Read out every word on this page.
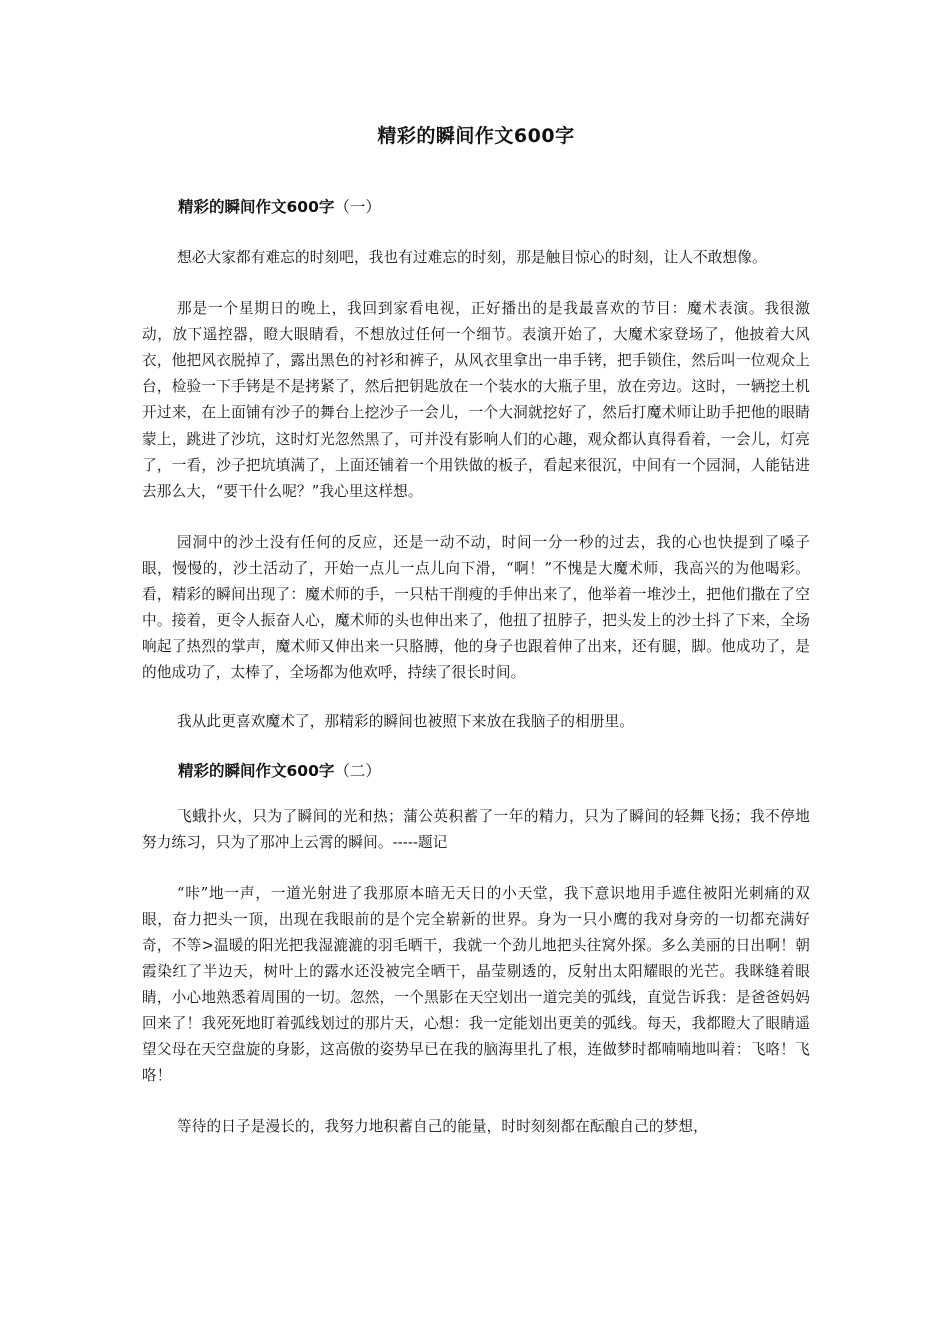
精彩的瞬间作文600字
精彩的瞬间作文600字（一）

想必大家都有难忘的时刻吧，我也有过难忘的时刻，那是触目惊心的时刻，让人不敢想像。

那是一个星期日的晚上，我回到家看电视，正好播出的是我最喜欢的节目：魔术表演。我很激动，放下遥控器，瞪大眼睛看，不想放过任何一个细节。表演开始了，大魔术家登场了，他披着大风衣，他把风衣脱掉了，露出黑色的衬衫和裤子，从风衣里拿出一串手铐，把手锁住，然后叫一位观众上台，检验一下手铐是不是拷紧了，然后把钥匙放在一个装水的大瓶子里，放在旁边。这时，一辆挖土机开过来，在上面铺有沙子的舞台上挖沙子一会儿，一个大洞就挖好了，然后打魔术师让助手把他的眼睛蒙上，跳进了沙坑，这时灯光忽然黑了，可并没有影响人们的心趣，观众都认真得看着，一会儿，灯亮了，一看，沙子把坑填满了，上面还铺着一个用铁做的板子，看起来很沉，中间有一个园洞，人能钻进去那么大，“要干什么呢？”我心里这样想。

园洞中的沙土没有任何的反应，还是一动不动，时间一分一秒的过去，我的心也快提到了嗓子眼，慢慢的，沙土活动了，开始一点儿一点儿向下滑，“啊！”不愧是大魔术师，我高兴的为他喝彩。看，精彩的瞬间出现了：魔术师的手，一只枯干削瘦的手伸出来了，他举着一堆沙土，把他们撒在了空中。接着，更令人振奋人心，魔术师的头也伸出来了，他扭了扭脖子，把头发上的沙土抖了下来，全场响起了热烈的掌声，魔术师又伸出来一只胳膊，他的身子也跟着伸了出来，还有腿，脚。他成功了，是的他成功了，太棒了，全场都为他欢呼，持续了很长时间。

我从此更喜欢魔术了，那精彩的瞬间也被照下来放在我脑子的相册里。

精彩的瞬间作文600字（二）

飞蛾扑火，只为了瞬间的光和热；蒲公英积蓄了一年的精力，只为了瞬间的轻舞飞扬；我不停地努力练习，只为了那冲上云霄的瞬间。-----题记

“咔”地一声，一道光射进了我那原本暗无天日的小天堂，我下意识地用手遮住被阳光刺痛的双眼，奋力把头一顶，出现在我眼前的是个完全崭新的世界。身为一只小鹰的我对身旁的一切都充满好奇，不等>温暖的阳光把我湿漉漉的羽毛晒干，我就一个劲儿地把头往窝外探。多么美丽的日出啊！朝霞染红了半边天，树叶上的露水还没被完全晒干，晶莹剔透的，反射出太阳耀眼的光芒。我眯缝着眼睛，小心地熟悉着周围的一切。忽然，一个黑影在天空划出一道完美的弧线，直觉告诉我：是爸爸妈妈回来了！我死死地盯着弧线划过的那片天，心想：我一定能划出更美的弧线。每天，我都瞪大了眼睛遥望父母在天空盘旋的身影，这高傲的姿势早已在我的脑海里扎了根，连做梦时都喃喃地叫着：飞咯！飞咯！

等待的日子是漫长的，我努力地积蓄自己的能量，时时刻刻都在酝酿自己的梦想，
